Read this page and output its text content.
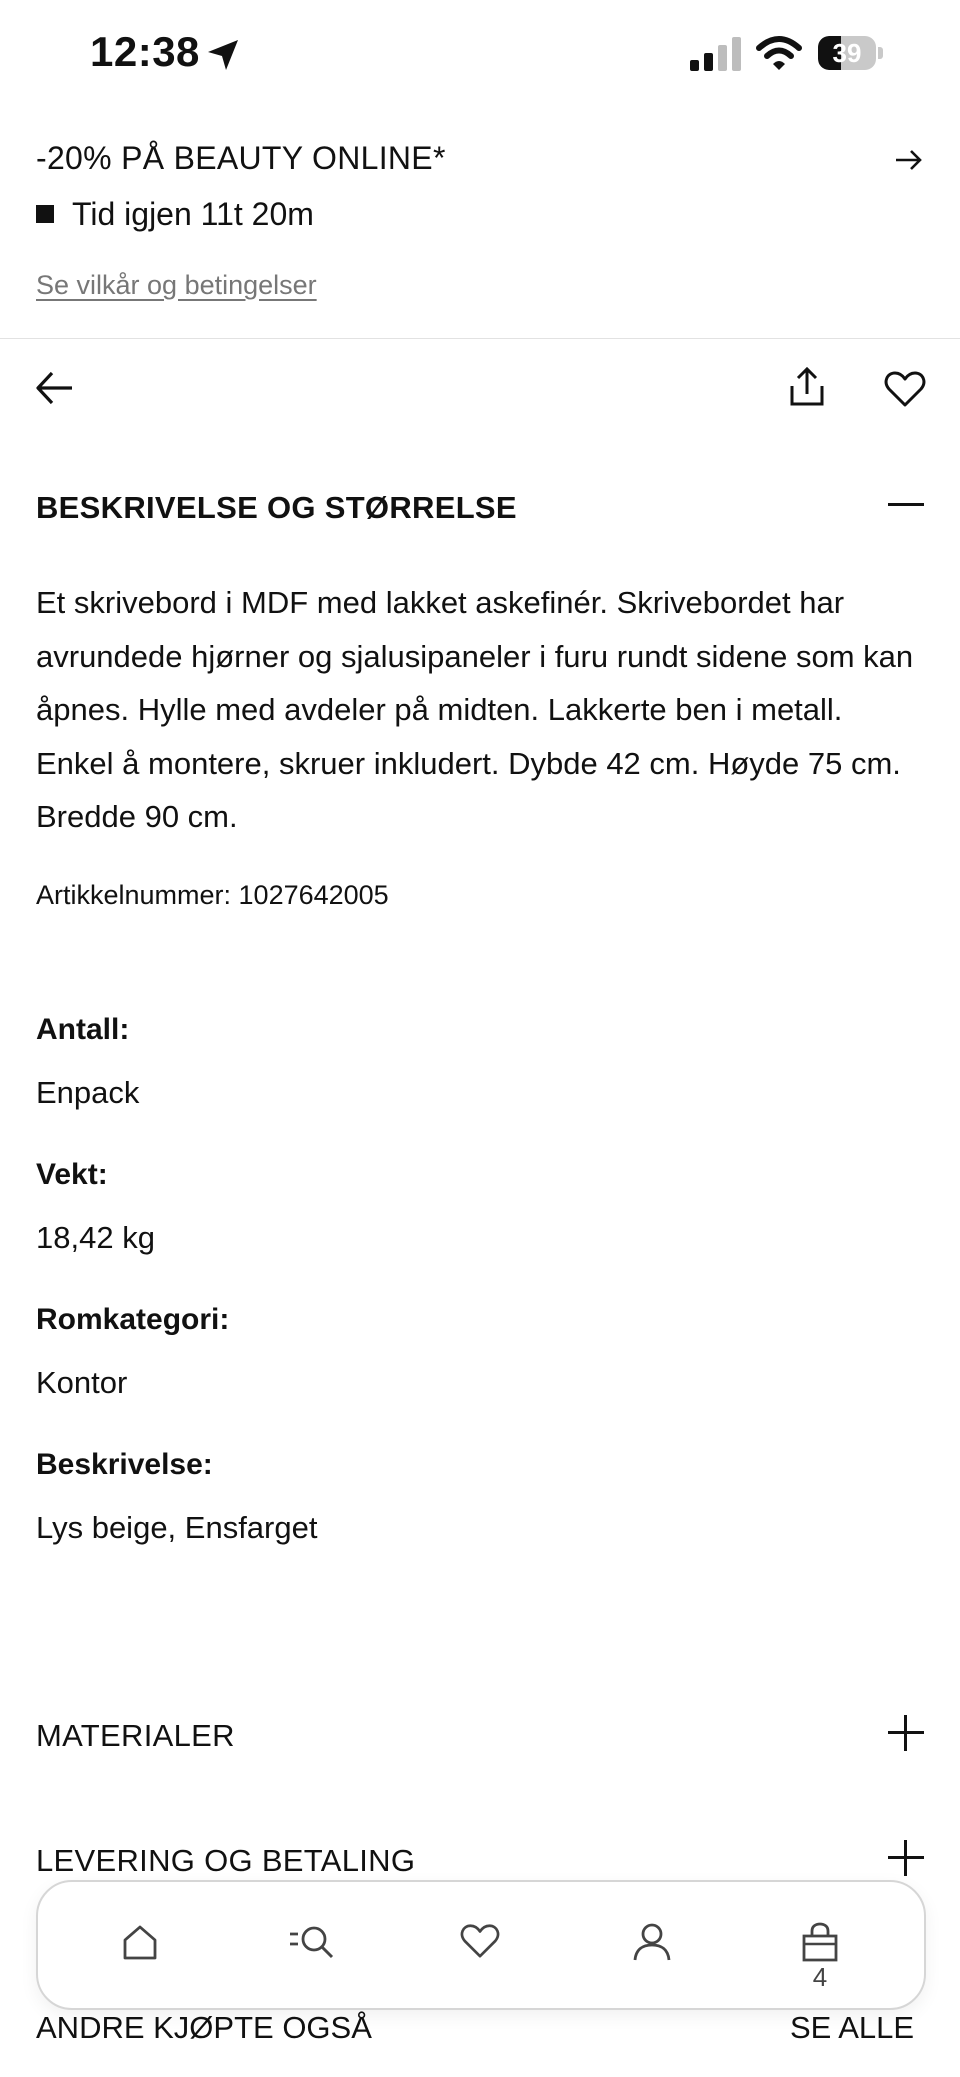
12:38	39
-20% PÅ BEAUTY ONLINE*
Tid igjen 11t 20m
Se vilkår og betingelser
BESKRIVELSE OG STØRRELSE
Et skrivebord i MDF med lakket askefinér. Skrivebordet har avrundede hjørner og sjalusipaneler i furu rundt sidene som kan åpnes. Hylle med avdeler på midten. Lakkerte ben i metall. Enkel å montere, skruer inkludert. Dybde 42 cm. Høyde 75 cm. Bredde 90 cm.
Artikkelnummer: 1027642005
Antall:
Enpack
Vekt:
18,42 kg
Romkategori:
Kontor
Beskrivelse:
Lys beige, Ensfarget
MATERIALER
LEVERING OG BETALING
ANDRE KJØPTE OGSÅ	SE ALLE
4
